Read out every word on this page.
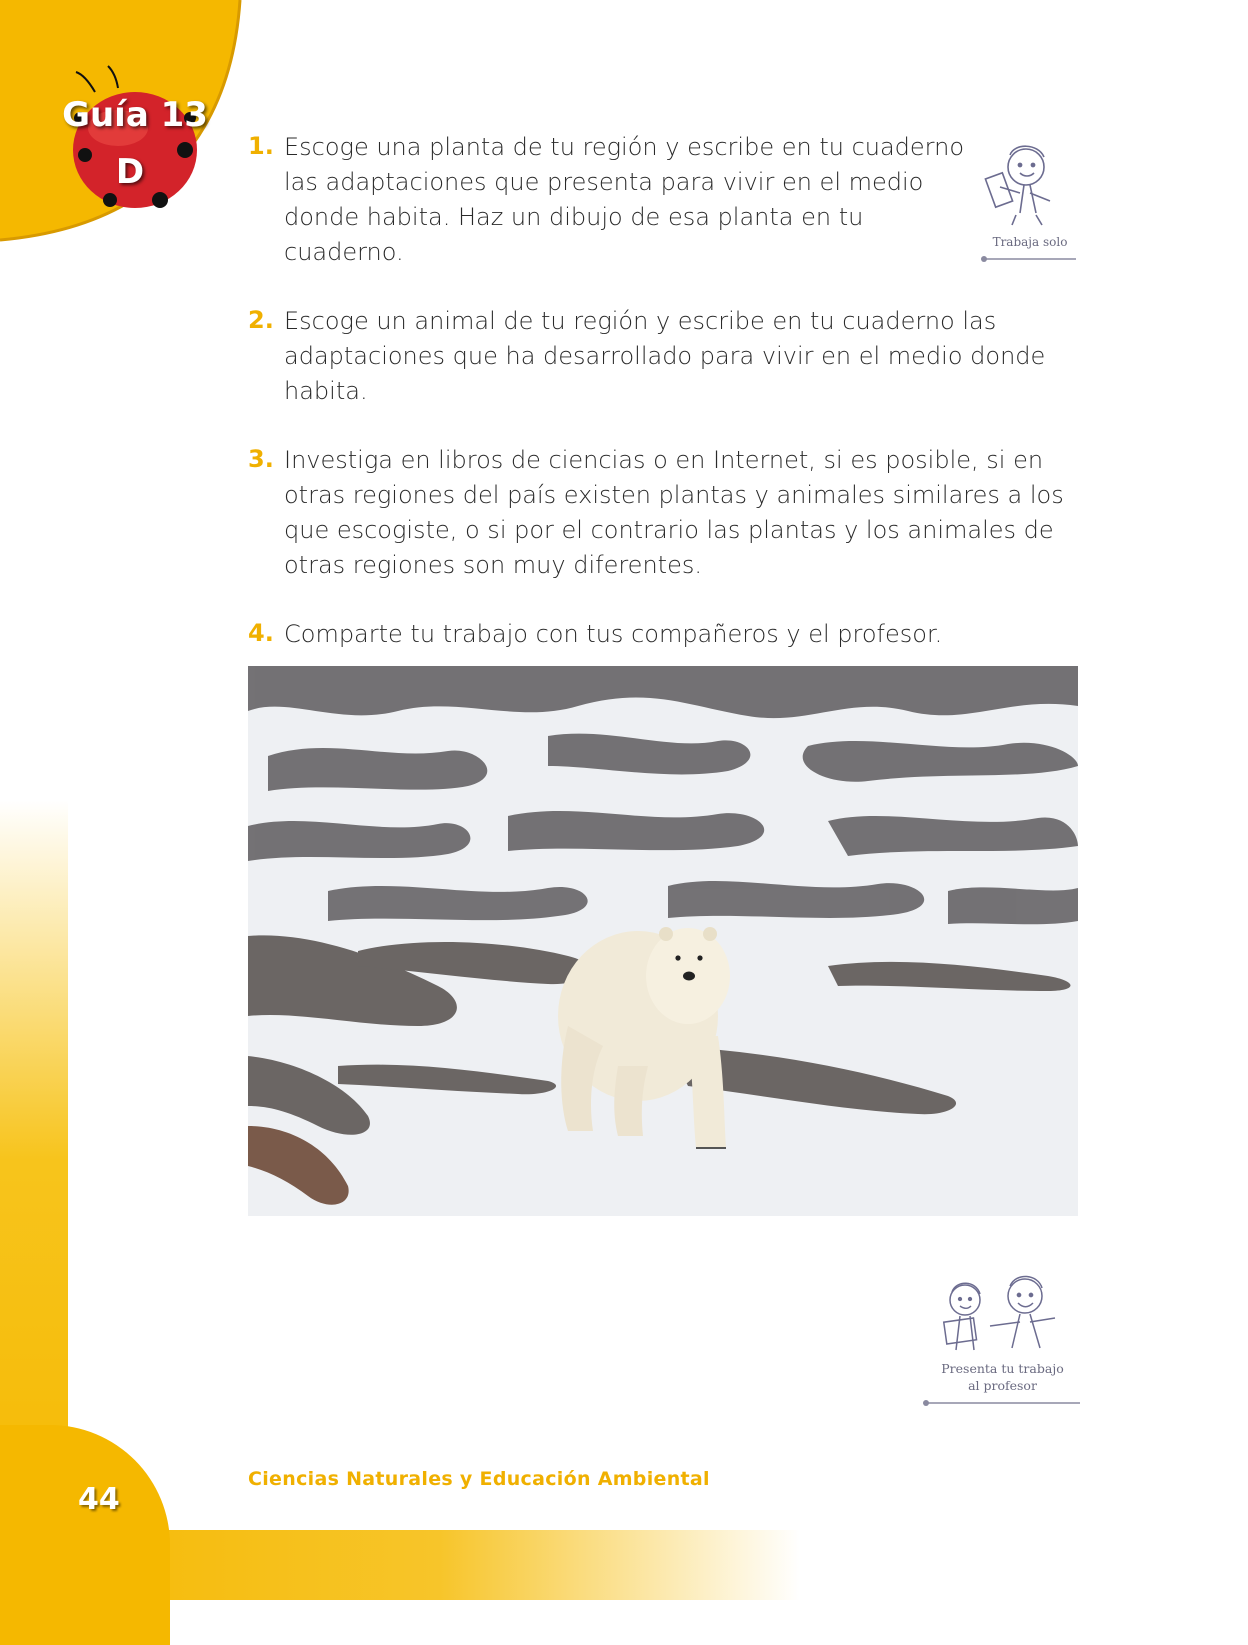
Guía 13
D
1. Escoge una planta de tu región y escribe en tu cuaderno las adaptaciones que presenta para vivir en el medio donde habita. Haz un dibujo de esa planta en tu cuaderno.
2. Escoge un animal de tu región y escribe en tu cuaderno las adaptaciones que ha desarrollado para vivir en el medio donde habita.
3. Investiga en libros de ciencias o en Internet, si es posible, si en otras regiones del país existen plantas y animales similares a los que escogiste, o si por el contrario las plantas y los animales de otras regiones son muy diferentes.
4. Comparte tu trabajo con tus compañeros y el profesor.
Trabaja solo
Presenta tu trabajo
al profesor
44
Ciencias Naturales y Educación Ambiental
